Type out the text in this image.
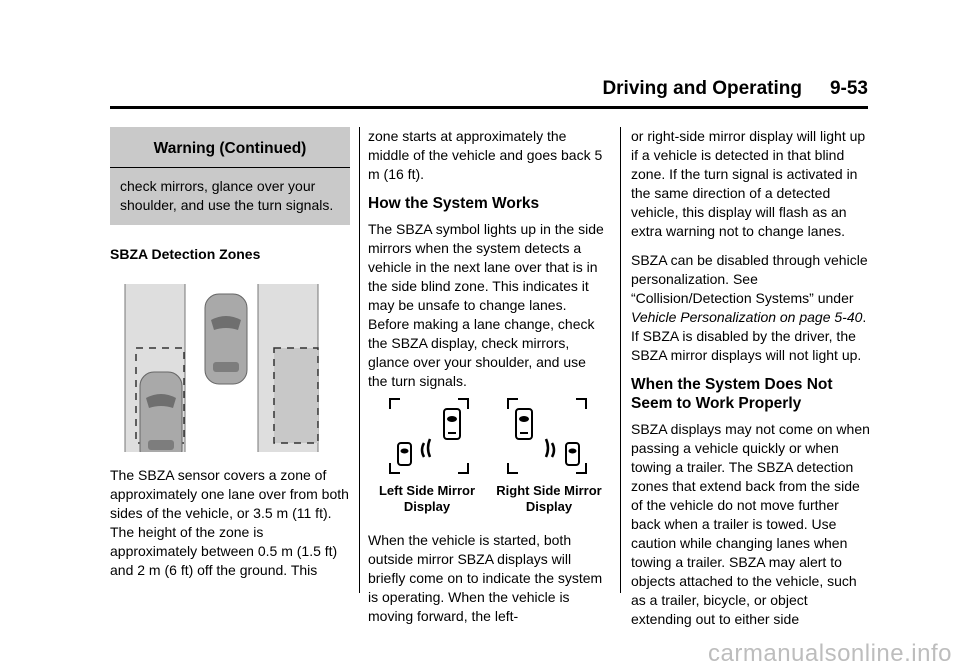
Driving and Operating 9-53
Warning (Continued)
check mirrors, glance over your shoulder, and use the turn signals.
SBZA Detection Zones

The SBZA sensor covers a zone of approximately one lane over from both sides of the vehicle, or 3.5 m (11 ft). The height of the zone is approximately between 0.5 m (1.5 ft) and 2 m (6 ft) off the ground. This

zone starts at approximately the middle of the vehicle and goes back 5 m (16 ft).

How the System Works

The SBZA symbol lights up in the side mirrors when the system detects a vehicle in the next lane over that is in the side blind zone. This indicates it may be unsafe to change lanes. Before making a lane change, check the SBZA display, check mirrors, glance over your shoulder, and use the turn signals.

Left Side Mirror Display
Right Side Mirror Display

When the vehicle is started, both outside mirror SBZA displays will briefly come on to indicate the system is operating. When the vehicle is moving forward, the left-

or right-side mirror display will light up if a vehicle is detected in that blind zone. If the turn signal is activated in the same direction of a detected vehicle, this display will flash as an extra warning not to change lanes.

SBZA can be disabled through vehicle personalization. See “Collision/Detection Systems” under Vehicle Personalization on page 5-40. If SBZA is disabled by the driver, the SBZA mirror displays will not light up.

When the System Does Not Seem to Work Properly

SBZA displays may not come on when passing a vehicle quickly or when towing a trailer. The SBZA detection zones that extend back from the side of the vehicle do not move further back when a trailer is towed. Use caution while changing lanes when towing a trailer. SBZA may alert to objects attached to the vehicle, such as a trailer, bicycle, or object extending out to either side

carmanualsonline.info
